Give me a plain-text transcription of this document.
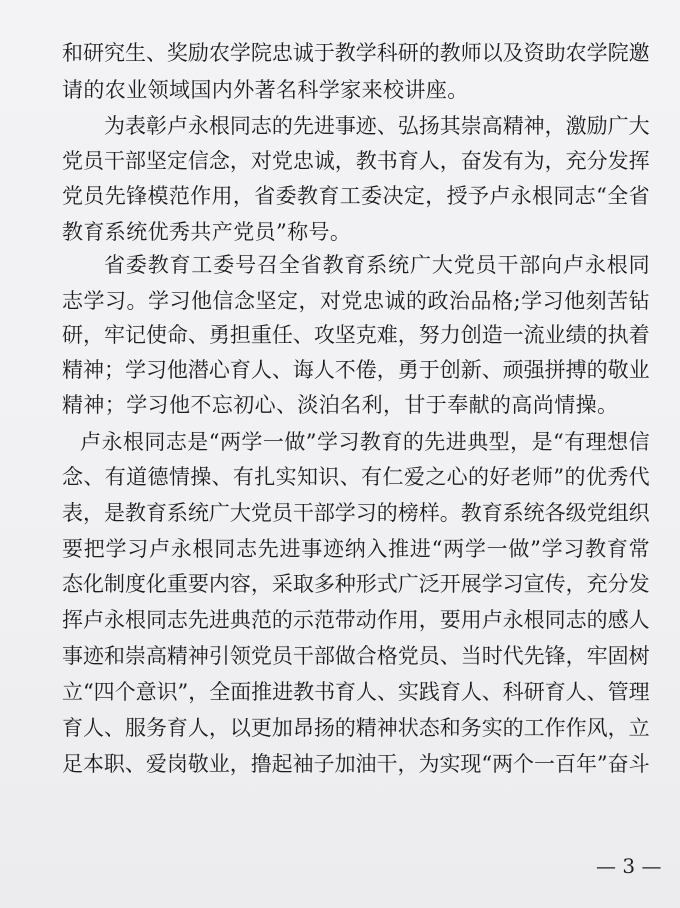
和研究生、奖励农学院忠诚于教学科研的教师以及资助农学院邀
请的农业领域国内外著名科学家来校讲座。
为表彰卢永根同志的先进事迹、弘扬其崇高精神，激励广大
党员干部坚定信念，对党忠诚，教书育人，奋发有为，充分发挥
党员先锋模范作用，省委教育工委决定，授予卢永根同志“全省
教育系统优秀共产党员”称号。
省委教育工委号召全省教育系统广大党员干部向卢永根同
志学习。学习他信念坚定，对党忠诚的政治品格;学习他刻苦钻
研，牢记使命、勇担重任、攻坚克难，努力创造一流业绩的执着
精神；学习他潜心育人、诲人不倦，勇于创新、顽强拼搏的敬业
精神；学习他不忘初心、淡泊名利，甘于奉献的高尚情操。
卢永根同志是“两学一做”学习教育的先进典型，是“有理想信
念、有道德情操、有扎实知识、有仁爱之心的好老师”的优秀代
表，是教育系统广大党员干部学习的榜样。教育系统各级党组织
要把学习卢永根同志先进事迹纳入推进“两学一做”学习教育常
态化制度化重要内容，采取多种形式广泛开展学习宣传，充分发
挥卢永根同志先进典范的示范带动作用，要用卢永根同志的感人
事迹和崇高精神引领党员干部做合格党员、当时代先锋，牢固树
立“四个意识”，全面推进教书育人、实践育人、科研育人、管理
育人、服务育人，以更加昂扬的精神状态和务实的工作作风，立
足本职、爱岗敬业，撸起袖子加油干，为实现“两个一百年”奋斗
— 3 —
